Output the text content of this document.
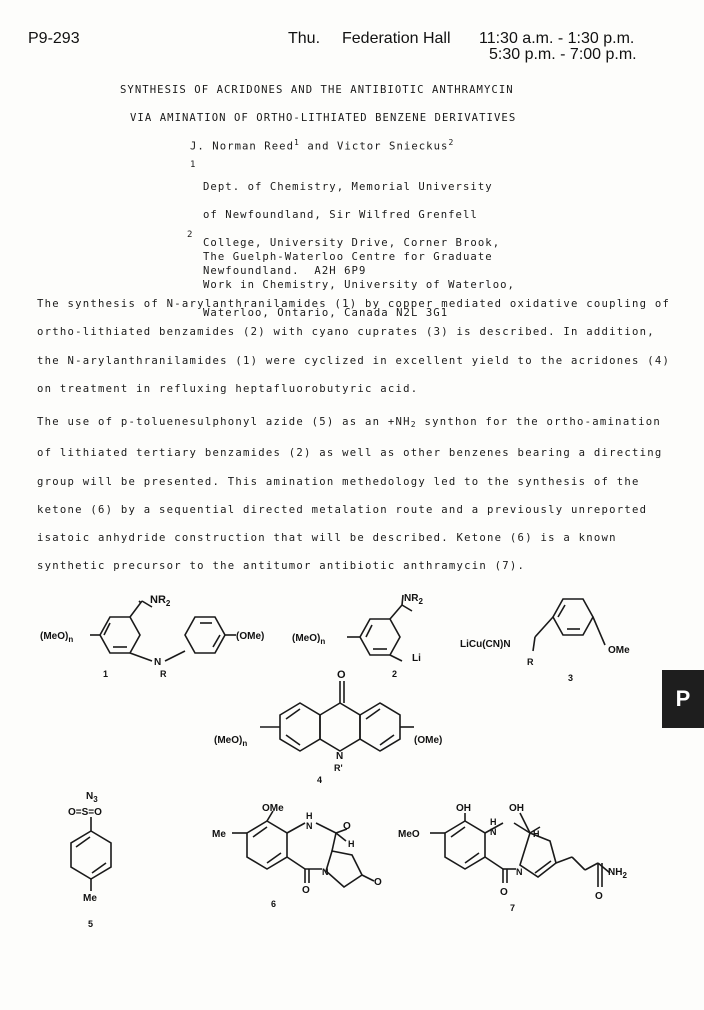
P9-293	Thu. Federation Hall 11:30 a.m. - 1:30 p.m.
5:30 p.m. - 7:00 p.m.
SYNTHESIS OF ACRIDONES AND THE ANTIBIOTIC ANTHRAMYCIN
VIA AMINATION OF ORTHO-LITHIATED BENZENE DERIVATIVES
J. Norman Reed$^1$ and Victor Snieckus$^2$
1

Dept. of Chemistry, Memorial University

of Newfoundland, Sir Wilfred Grenfell

College, University Drive, Corner Brook,

Newfoundland.  A2H 6P9

2

The Guelph-Waterloo Centre for Graduate

Work in Chemistry, University of Waterloo,

Waterloo, Ontario, Canada N2L 3G1

The synthesis of N-arylanthranilamides (1) by copper mediated oxidative coupling of ortho-lithiated benzamides (2) with cyano cuprates (3) is described. In addition, the N-arylanthranilamides (1) were cyclized in excellent yield to the acridones (4) on treatment in refluxing heptafluorobutyric acid.
The use of p-toluenesulphonyl azide (5) as an $+NH_2$ synthon for the ortho-amination of lithiated tertiary benzamides (2) as well as other benzenes bearing a directing group will be presented. This amination methedology led to the synthesis of the ketone (6) by a sequential directed metalation route and a previously unreported isatoic anhydride construction that will be described. Ketone (6) is a known synthetic precursor to the antitumor antibiotic anthramycin (7).
$NR_2$
$(MeO)_n$
N
R
(OMe)
1
$NR_2$
$(MeO)_n$
Li
2
LiCu(CN)N
R
OMe
3
O
$(MeO)_n$
N
R'
(OMe)
4
$N_3$
O=S=O
Me
5
OMe
Me
H
N	O
H
N
O
O
6
OH	OH
MeO
H
N	H
N
O
$NH_2$
O
7
P
